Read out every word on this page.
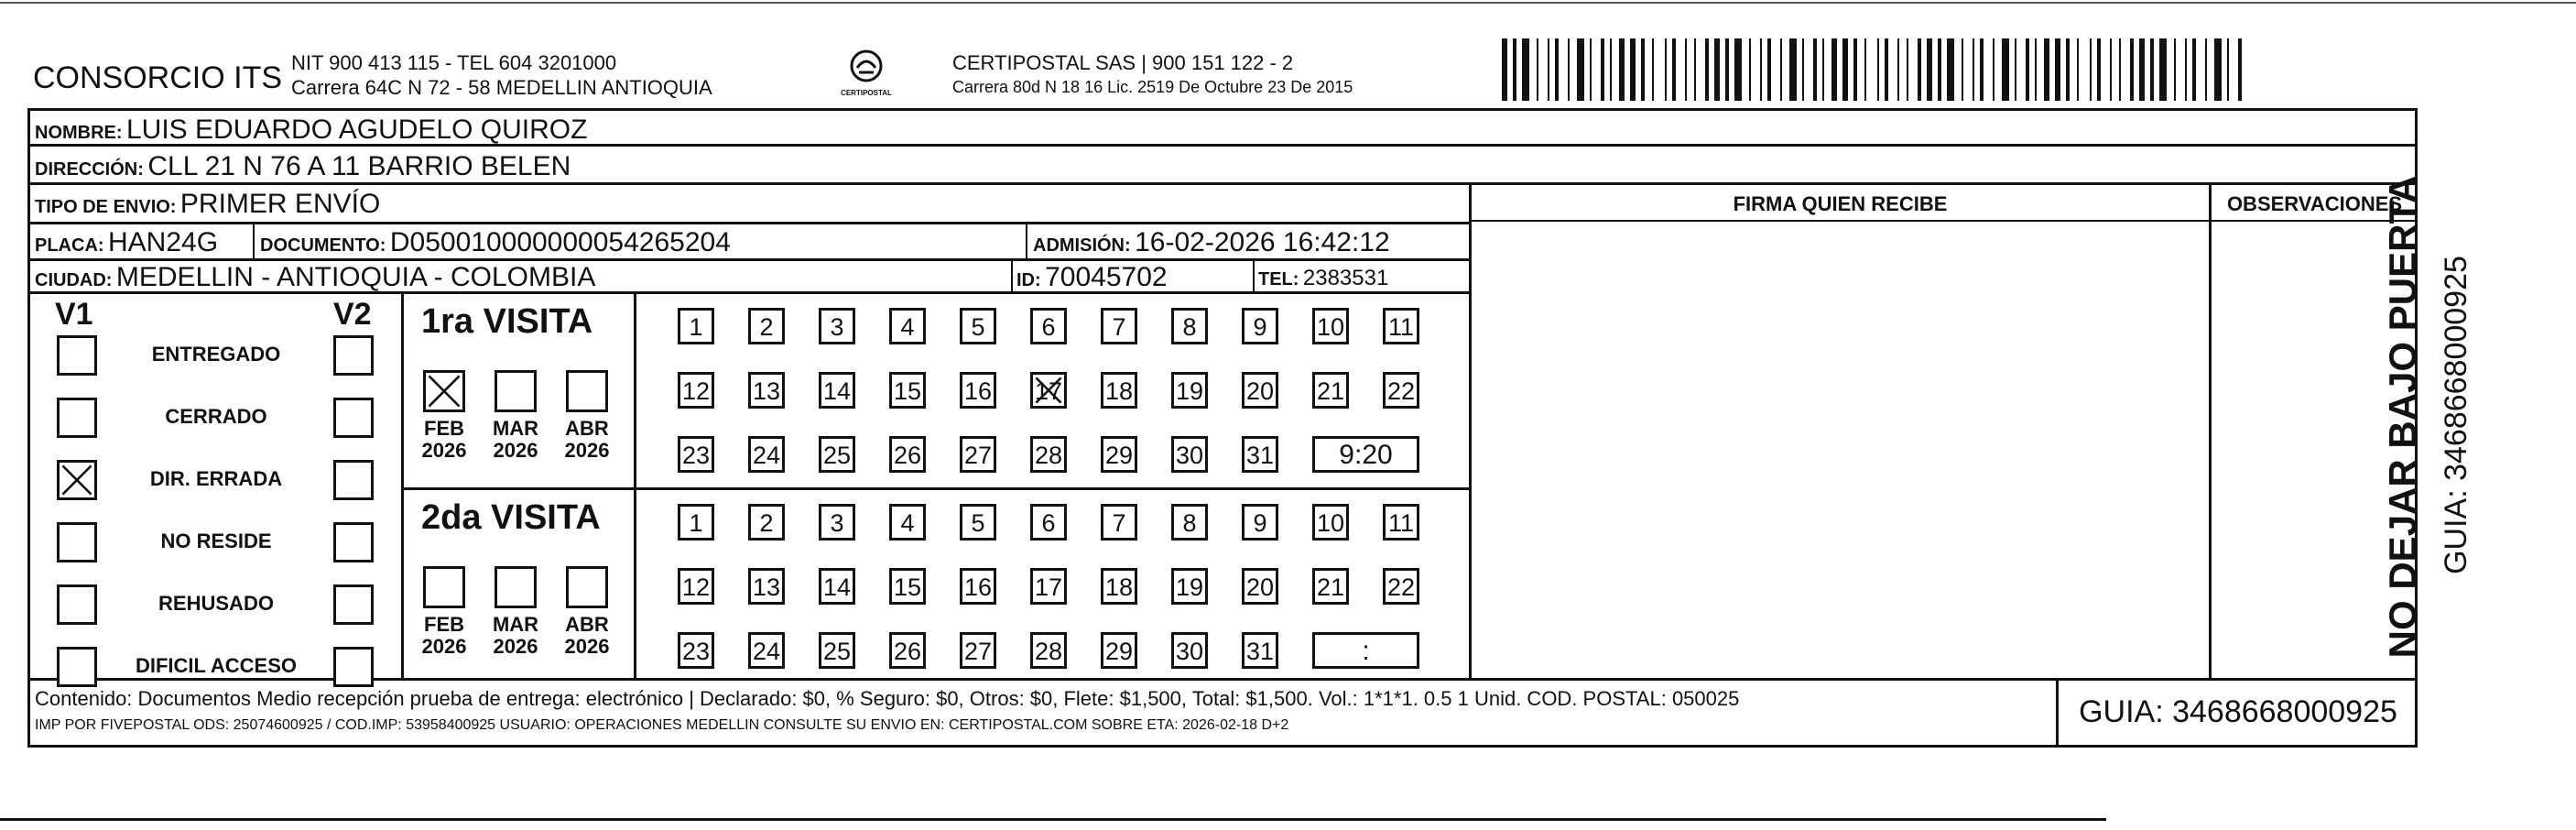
CONSORCIO ITS NIT 900 413 115 - TEL 604 3201000
Carrera 64C N 72 - 58 MEDELLIN ANTIOQUIA	CERTIPOSTAL
CERTIPOSTAL SAS | 900 151 122 - 2
Carrera 80d N 18 16 Lic. 2519 De Octubre 23 De 2015
NOMBRE: LUIS EDUARDO AGUDELO QUIROZ
DIRECCIÓN: CLL 21 N 76 A 11 BARRIO BELEN
TIPO DE ENVIO: PRIMER ENVÍO
PLACA: HAN24G DOCUMENTO: D050010000000054265204	ADMISIÓN: 16-02-2026 16:42:12
CIUDAD: MEDELLIN - ANTIOQUIA - COLOMBIA	ID: 70045702	TEL: 2383531
FIRMA QUIEN RECIBE	OBSERVACIONES
V1	V2
ENTREGADO
CERRADO
DIR. ERRADA
NO RESIDE
REHUSADO
DIFICIL ACCESO
1ra VISITA
FEB
2026
MAR
2026
ABR
2026
1	2	3	4	5	6	7	8	9	10 11
12 13 14 15 16 17 18 19 20 21 22
23 24 25 26 27 28 29 30 31	9:20
2da VISITA
FEB
2026
MAR
2026
ABR
2026
1	2	3	4	5	6	7	8	9	10 11
12 13 14 15 16 17 18 19 20 21 22
23 24 25 26 27 28 29 30 31	:
Contenido: Documentos Medio recepción prueba de entrega: electrónico | Declarado: $0, % Seguro: $0, Otros: $0, Flete: $1,500, Total: $1,500. Vol.: 1*1*1. 0.5 1 Unid. COD. POSTAL: 050025
IMP POR FIVEPOSTAL ODS: 25074600925 / COD.IMP: 53958400925 USUARIO: OPERACIONES MEDELLIN CONSULTE SU ENVIO EN: CERTIPOSTAL.COM SOBRE ETA: 2026-02-18 D+2	GUIA: 3468668000925
NO DEJAR BAJO PUERTA GUIA: 3468668000925
